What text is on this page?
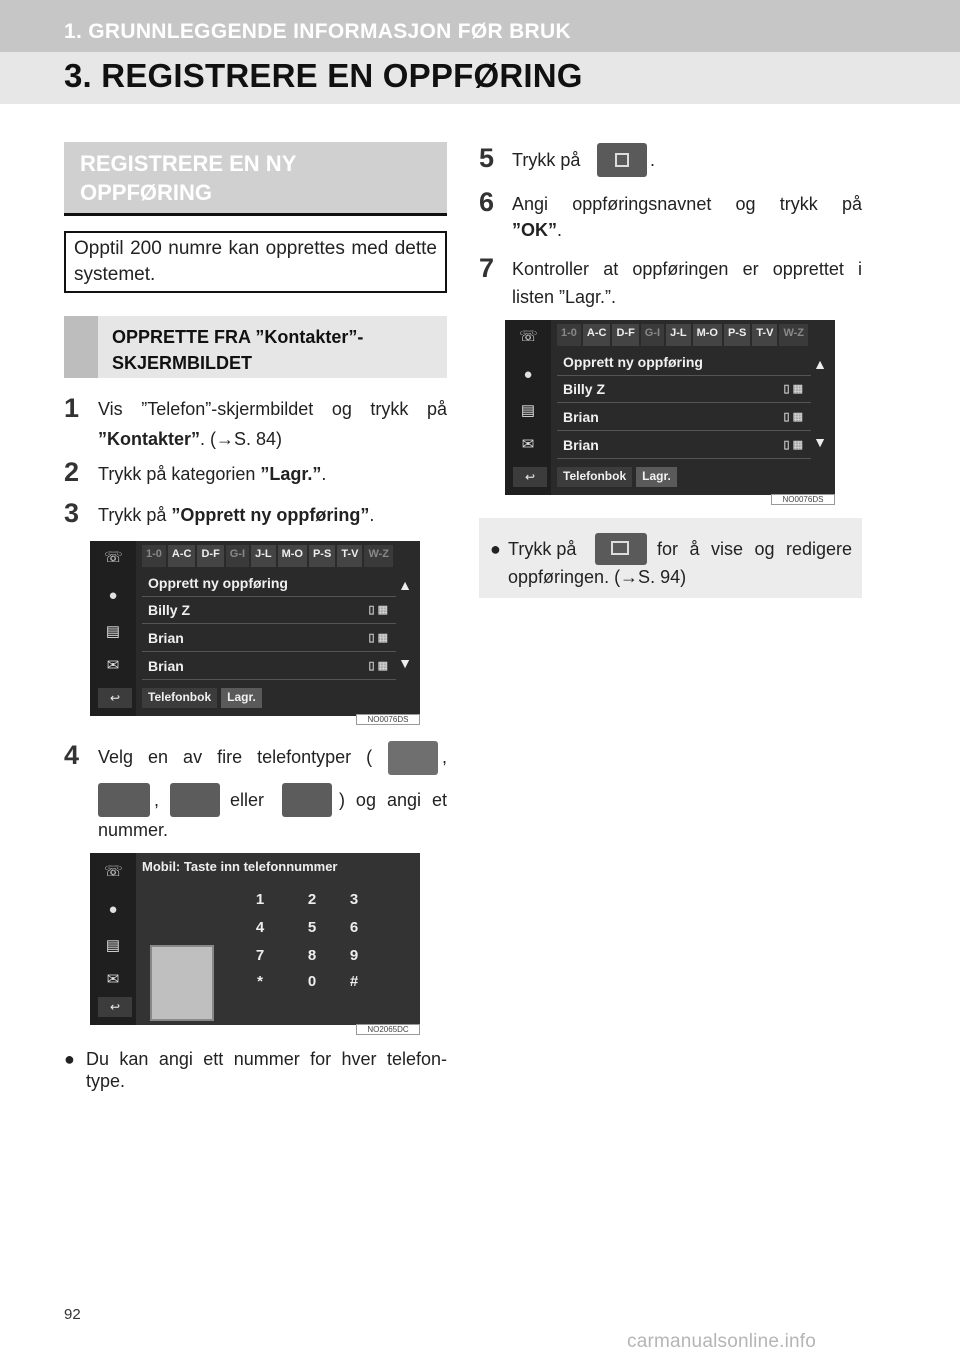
1. GRUNNLEGGENDE INFORMASJON FØR BRUK
3. REGISTRERE EN OPPFØRING
REGISTRERE EN NY
OPPFØRING
Opptil 200 numre kan opprettes med dette systemet.
OPPRETTE FRA ”Kontakter”-
SKJERMBILDET
1 Vis ”Telefon”-skjermbildet og trykk på ”Kontakter”. (→S. 84)
2 Trykk på kategorien ”Lagr.”.
3 Trykk på ”Opprett ny oppføring”.
☏
●
▤
✉
1-0 A-C D-F G-I J-L M-O P-S T-V W-Z
Opprett ny oppføring
Billy Z	▯ ▦
Brian	▯ ▦
Brian	▯ ▦
▲
▼
↩	Telefonbok	Lagr.
NO0076DS
4 Velg en av fire telefontyper (	,
,	eller	) og angi et
nummer.
☏
●
▤
✉
Mobil: Taste inn telefonnummer
1	2	3
4	5	6
7	8	9
*	0	#
↩
NO2065DC
● Du kan angi ett nummer for hver telefon-type.
5 Trykk på	.
6 Angi oppføringsnavnet og trykk på
”OK”.
7 Kontroller at oppføringen er opprettet i listen ”Lagr.”.
☏
●
▤
✉
1-0 A-C D-F G-I J-L M-O P-S T-V W-Z
Opprett ny oppføring
Billy Z	▯ ▦
Brian	▯ ▦
Brian	▯ ▦
▲
▼
↩	Telefonbok	Lagr.
NO0076DS
● Trykk på	for å vise og redigere
oppføringen. (→S. 94)
92
carmanualsonline.info
